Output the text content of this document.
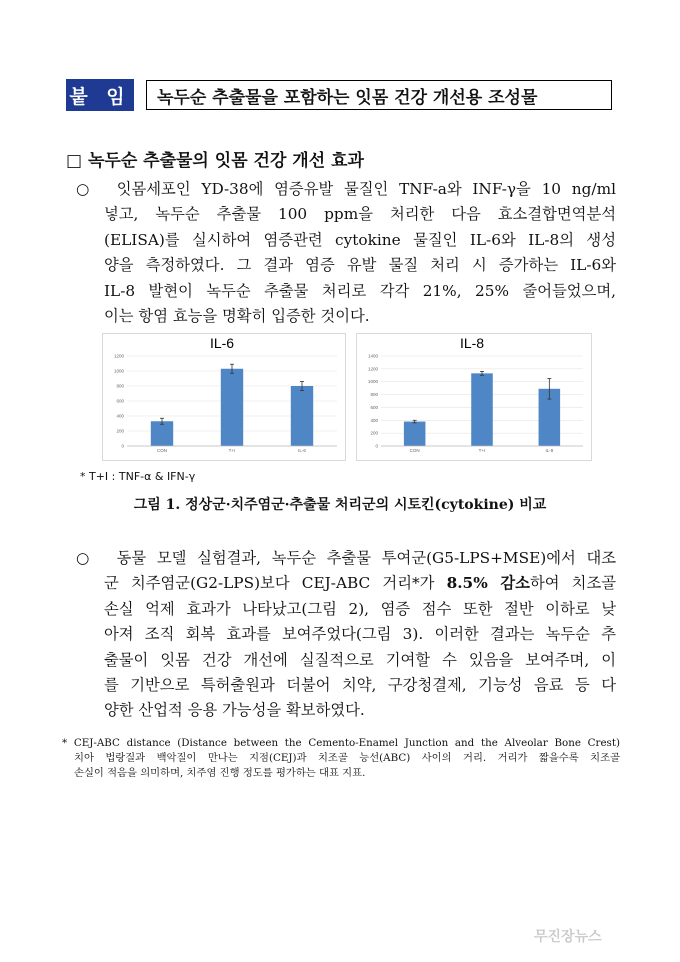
붙 임 녹두순 추출물을 포함하는 잇몸 건강 개선용 조성물
□ 녹두순 추출물의 잇몸 건강 개선 효과
○ 잇몸세포인 YD-38에 염증유발 물질인 TNF-a와 INF-γ을 10 ng/ml
넣고, 녹두순 추출물 100 ppm을 처리한 다음 효소결합면역분석
(ELISA)를 실시하여 염증관련 cytokine 물질인 IL-6와 IL-8의 생성
양을 측정하였다. 그 결과 염증 유발 물질 처리 시 증가하는 IL-6와
IL-8 발현이 녹두순 추출물 처리로 각각 21%, 25% 줄어들었으며,
이는 항염 효능을 명확히 입증한 것이다.
IL-6
0
200
400
600
800
1000
1200
CON	T+I	IL-6
IL-8
0
200
400
600
800
1000
1200
1400
CON	T+I	IL-8
* T+I : TNF-α & IFN-γ
그림 1. 정상군·치주염군·추출물 처리군의 시토킨(cytokine) 비교
○ 동물 모델 실험결과, 녹두순 추출물 투여군(G5-LPS+MSE)에서 대조
군 치주염군(G2-LPS)보다 CEJ-ABC 거리*가 8.5% 감소하여 치조골
손실 억제 효과가 나타났고(그림 2), 염증 점수 또한 절반 이하로 낮
아져 조직 회복 효과를 보여주었다(그림 3). 이러한 결과는 녹두순 추
출물이 잇몸 건강 개선에 실질적으로 기여할 수 있음을 보여주며, 이
를 기반으로 특허출원과 더불어 치약, 구강청결제, 기능성 음료 등 다
양한 산업적 응용 가능성을 확보하였다.
* CEJ-ABC distance (Distance between the Cemento-Enamel Junction and the Alveolar Bone Crest)
치아 법랑질과 백악질이 만나는 지점(CEJ)과 치조골 능선(ABC) 사이의 거리. 거리가 짧을수록 치조골
손실이 적음을 의미하며, 치주염 진행 정도를 평가하는 대표 지표.
무진장뉴스
